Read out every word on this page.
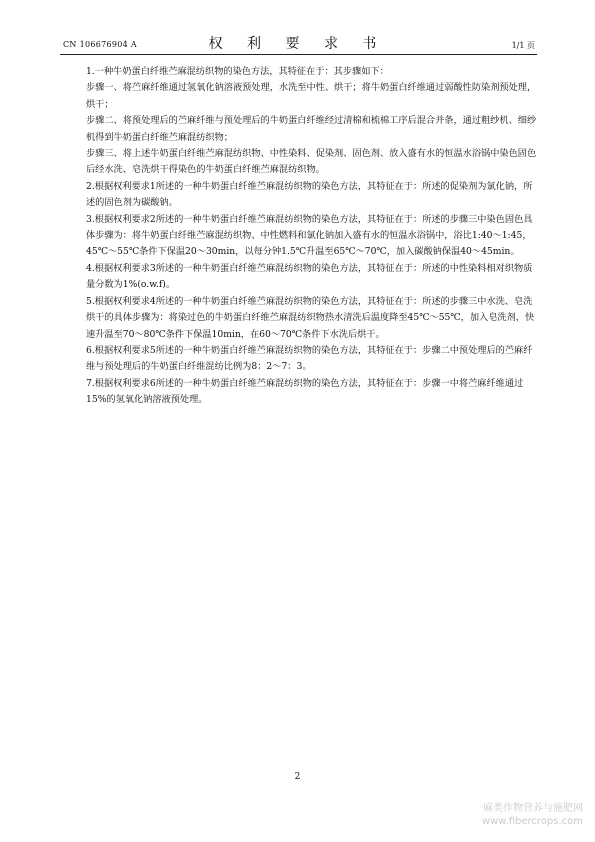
CN 106676904 A	权 利 要 求 书	1/1 页

1.一种牛奶蛋白纤维苎麻混纺织物的染色方法，其特征在于：其步骤如下：

步骤一、将苎麻纤维通过氢氧化钠溶液预处理，水洗至中性、烘干；将牛奶蛋白纤维通过弱酸性防染剂预处理，烘干；

步骤二、将预处理后的苎麻纤维与预处理后的牛奶蛋白纤维经过清棉和梳棉工序后混合并条，通过粗纱机、细纱机得到牛奶蛋白纤维苎麻混纺织物；

步骤三、将上述牛奶蛋白纤维苎麻混纺织物、中性染料、促染剂、固色剂、放入盛有水的恒温水浴锅中染色固色后经水洗、皂洗烘干得染色的牛奶蛋白纤维苎麻混纺织物。

2.根据权利要求1所述的一种牛奶蛋白纤维苎麻混纺织物的染色方法，其特征在于：所述的促染剂为氯化钠，所述的固色剂为碳酸钠。

3.根据权利要求2所述的一种牛奶蛋白纤维苎麻混纺织物的染色方法，其特征在于：所述的步骤三中染色固色具体步骤为：将牛奶蛋白纤维苎麻混纺织物、中性燃料和氯化钠加入盛有水的恒温水浴锅中，浴比1:40～1:45，45℃～55℃条件下保温20～30min，以每分钟1.5℃升温至65℃～70℃，加入碳酸钠保温40～45min。

4.根据权利要求3所述的一种牛奶蛋白纤维苎麻混纺织物的染色方法，其特征在于：所述的中性染料相对织物质量分数为1%(o.w.f)。

5.根据权利要求4所述的一种牛奶蛋白纤维苎麻混纺织物的染色方法，其特征在于：所述的步骤三中水洗、皂洗烘干的具体步骤为：将染过色的牛奶蛋白纤维苎麻混纺织物热水清洗后温度降至45℃～55℃，加入皂洗剂，快速升温至70～80℃条件下保温10min，在60～70℃条件下水洗后烘干。

6.根据权利要求5所述的一种牛奶蛋白纤维苎麻混纺织物的染色方法，其特征在于：步骤二中预处理后的苎麻纤维与预处理后的牛奶蛋白纤维混纺比例为8：2～7：3。

7.根据权利要求6所述的一种牛奶蛋白纤维苎麻混纺织物的染色方法，其特征在于：步骤一中将苎麻纤维通过15%的氢氧化钠溶液预处理。

2
麻类作物营养与施肥网
www.fibercrops.com
